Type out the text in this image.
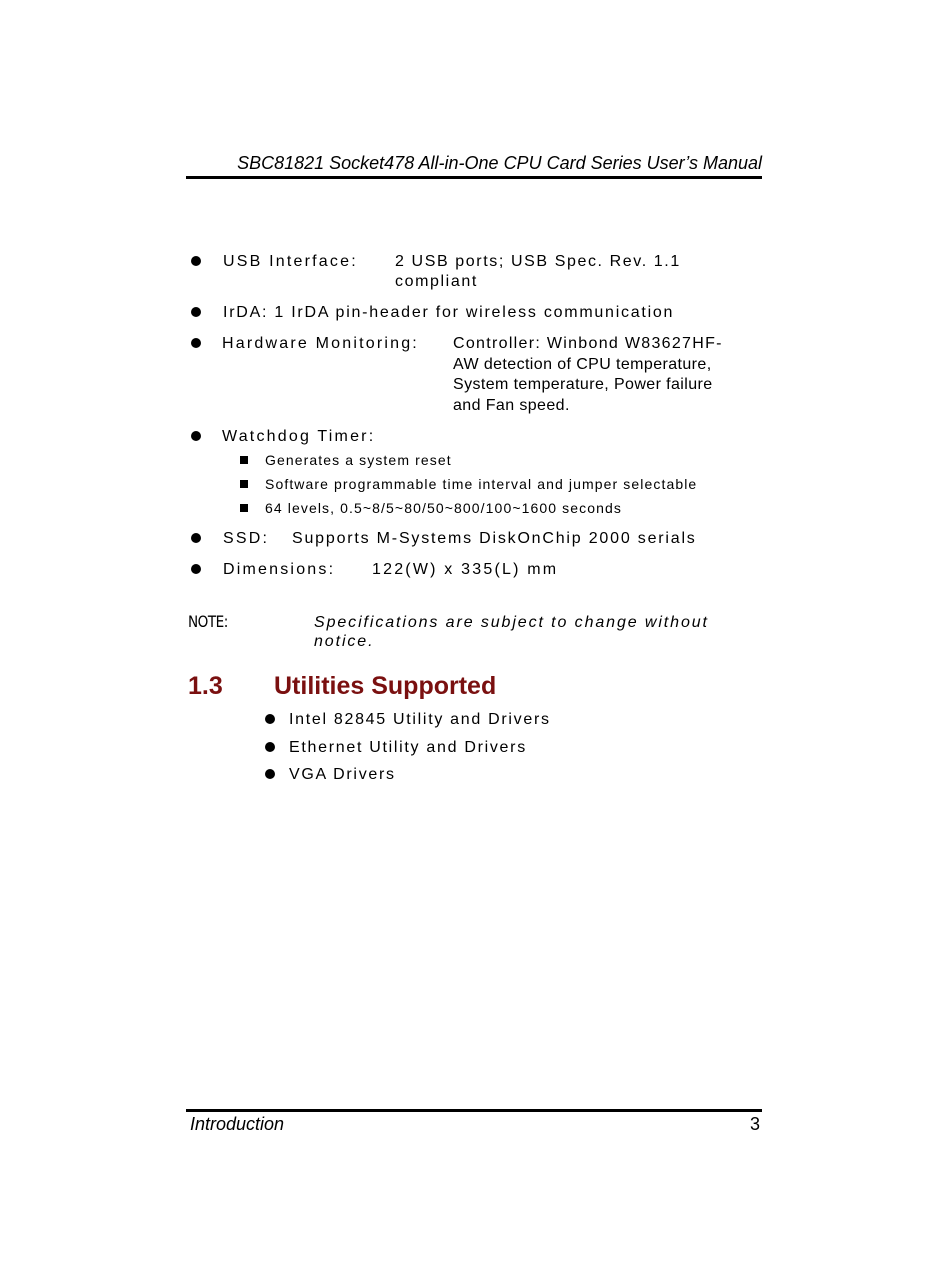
SBC81821 Socket478 All-in-One CPU Card Series User’s Manual
USB Interface: 2 USB ports; USB Spec. Rev. 1.1
compliant
IrDA: 1 IrDA pin-header for wireless communication
Hardware Monitoring: Controller: Winbond W83627HF-
AW detection of CPU temperature,
System temperature, Power failure
and Fan speed.
Watchdog Timer:
Generates a system reset
Software programmable time interval and jumper selectable
64 levels, 0.5~8/5~80/50~800/100~1600 seconds
SSD: Supports M-Systems DiskOnChip 2000 serials
Dimensions: 122(W) x 335(L) mm
NOTE:	Specifications are subject to change without notice.
1.3 Utilities Supported
Intel 82845 Utility and Drivers
Ethernet Utility and Drivers
VGA Drivers
Introduction	3
